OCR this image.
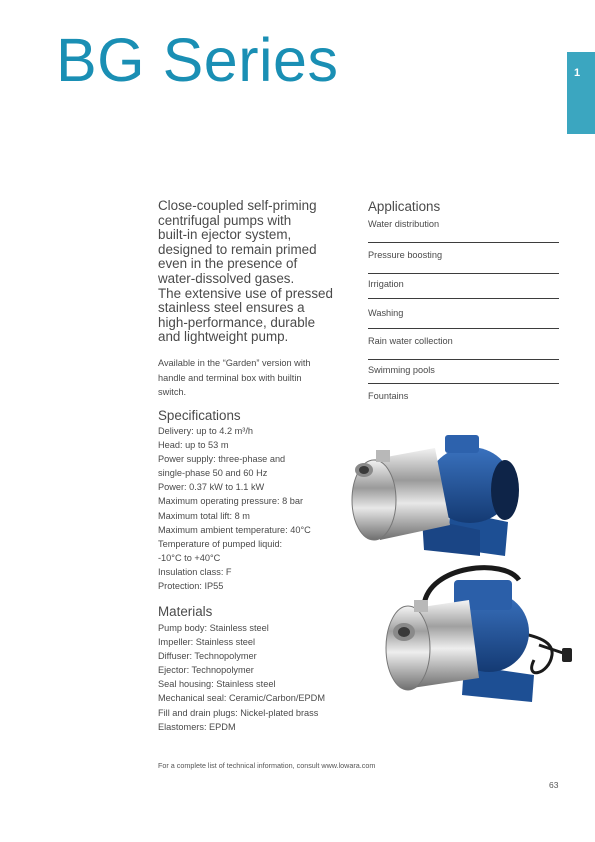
BG Series	1

Close-coupled self-priming

centrifugal pumps with

built-in ejector system,

designed to remain primed

even in the presence of

water-dissolved gases.

The extensive use of pressed

stainless steel ensures a

high-performance, durable

and lightweight pump.

Available in the “Garden” version with
handle and terminal box with builtin
switch.
Applications
Water distribution
Pressure boosting
Irrigation
Washing
Rain water collection
Swimming pools
Fountains
Specifications
Delivery: up to 4.2 m³/h
Head: up to 53 m
Power supply: three-phase and
single-phase 50 and 60 Hz
Power: 0.37 kW to 1.1 kW
Maximum operating pressure: 8 bar
Maximum total lift: 8 m
Maximum ambient temperature: 40°C
Temperature of pumped liquid:
-10°C to +40°C
Insulation class: F
Protection: IP55
Materials
Pump body: Stainless steel
Impeller: Stainless steel
Diffuser: Technopolymer
Ejector: Technopolymer
Seal housing: Stainless steel
Mechanical seal: Ceramic/Carbon/EPDM
Fill and drain plugs: Nickel-plated brass
Elastomers: EPDM
For a complete list of technical information, consult www.lowara.com
63
